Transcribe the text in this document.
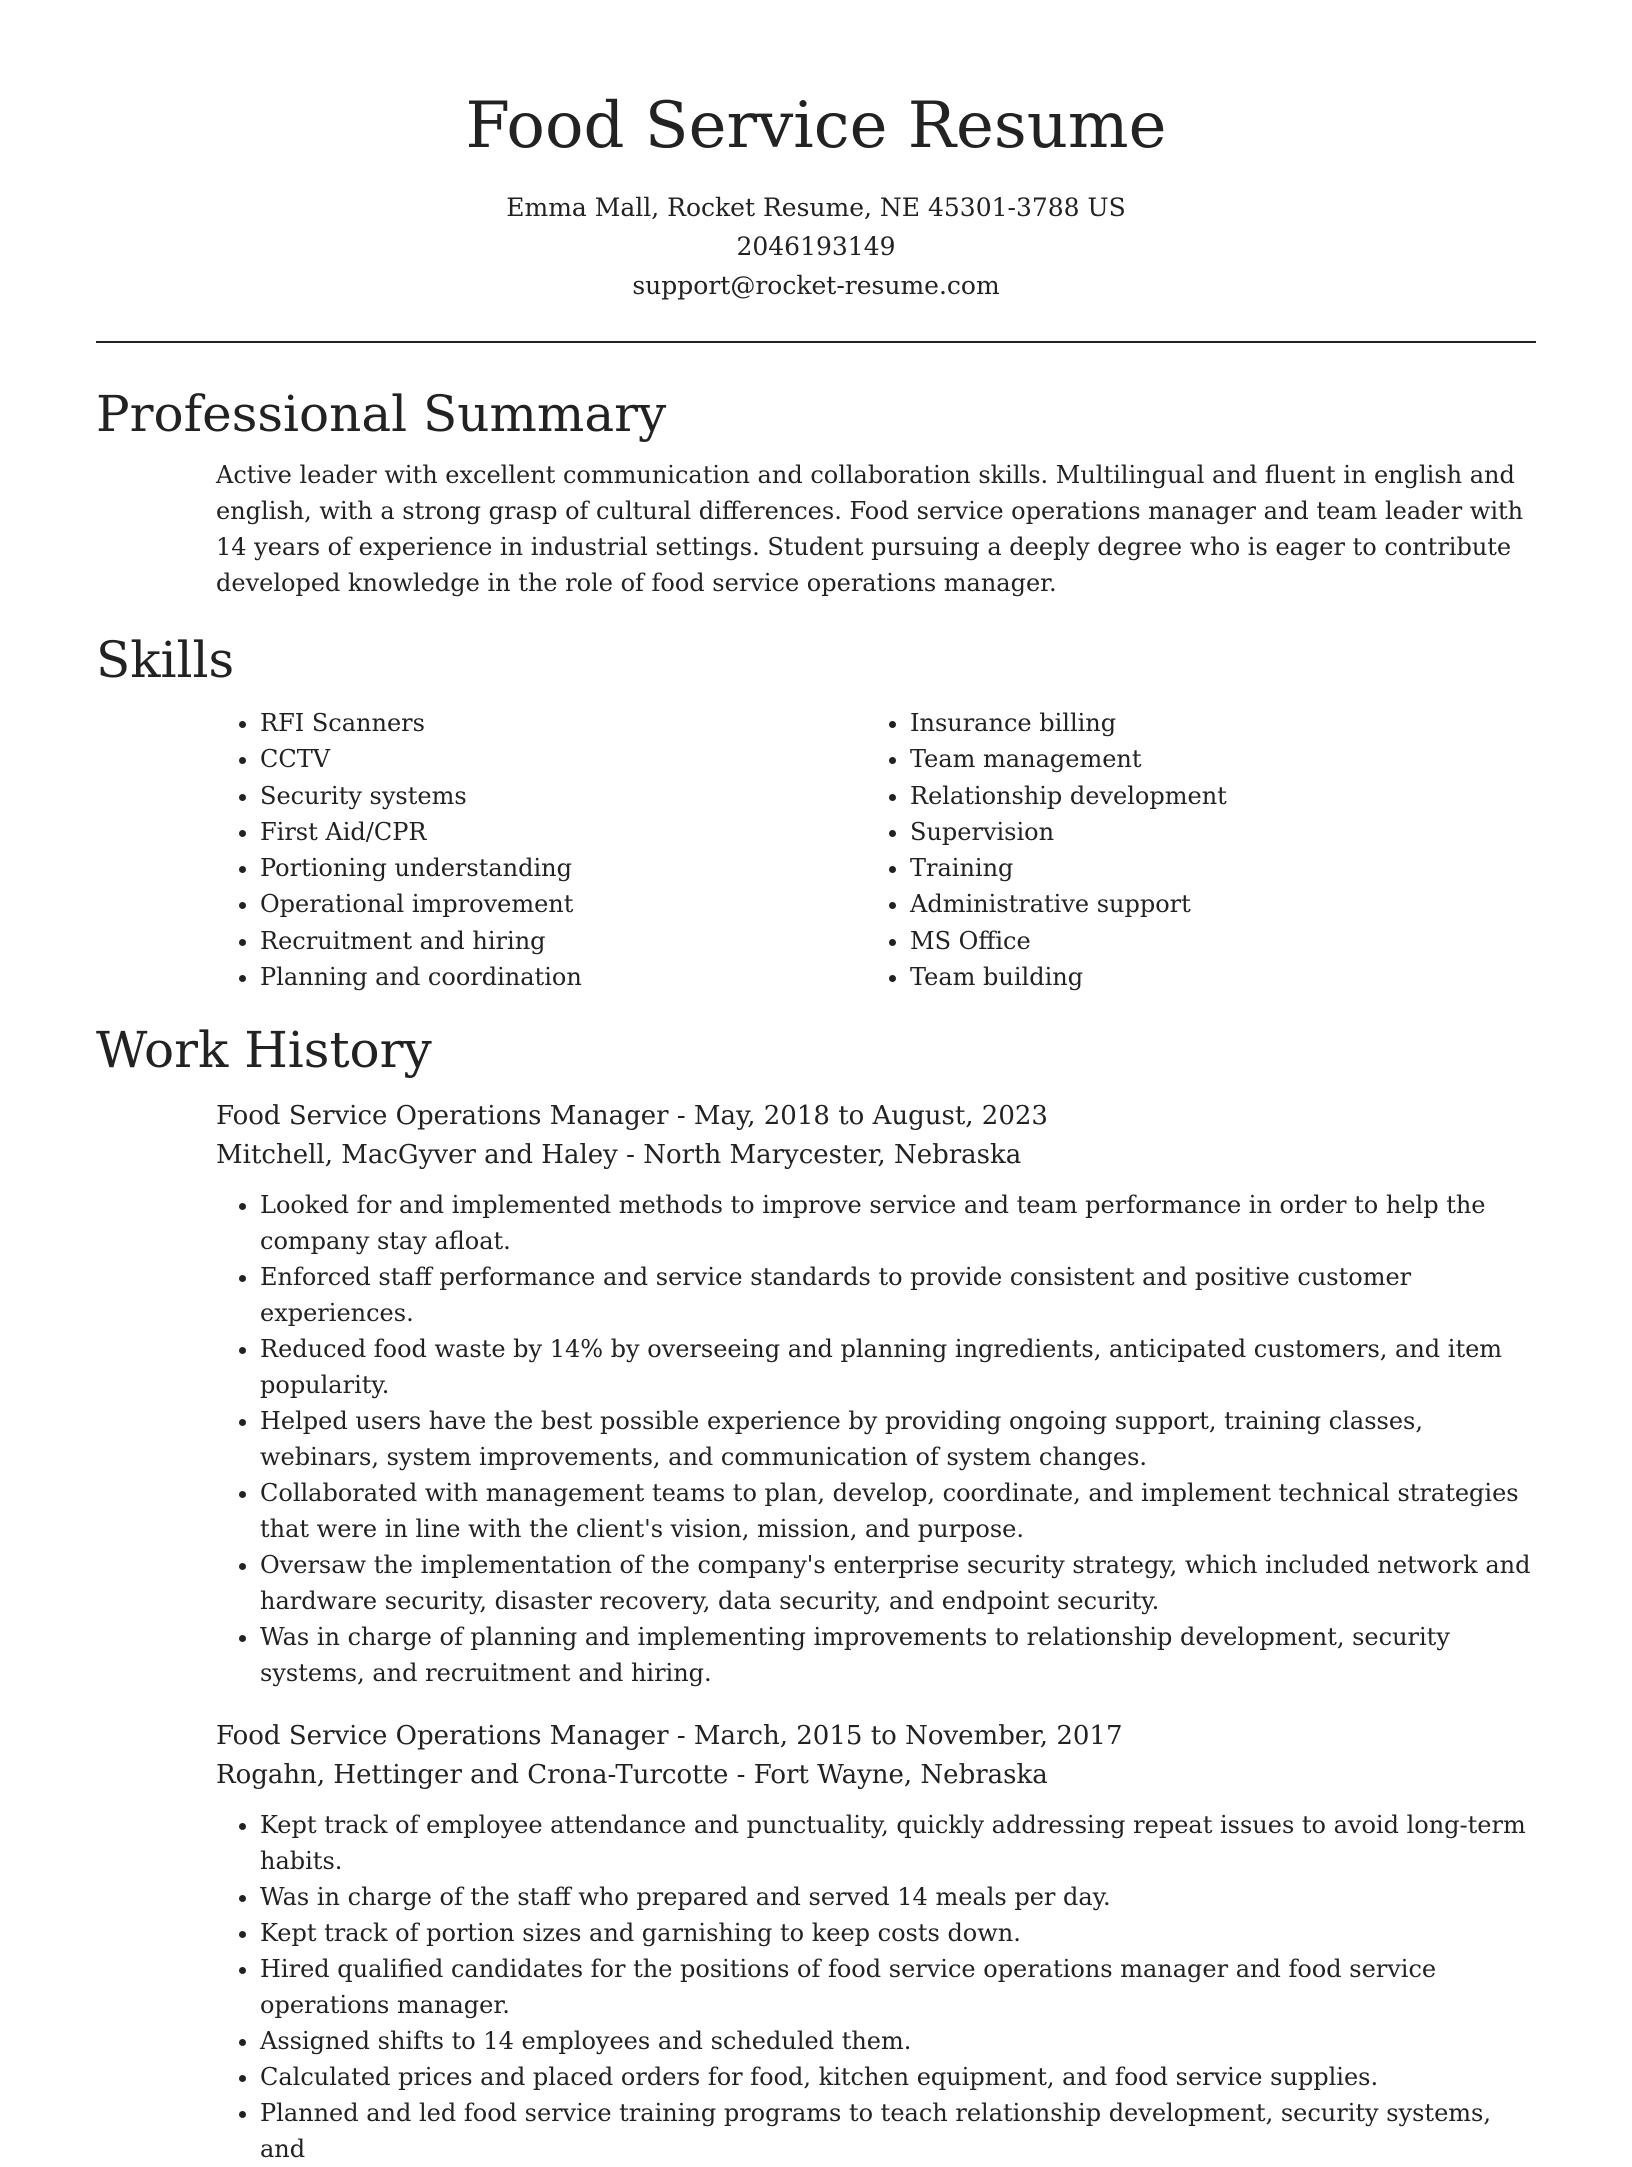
Food Service Resume
Emma Mall, Rocket Resume, NE 45301-3788 US
2046193149
support@rocket-resume.com
Professional Summary

Active leader with excellent communication and collaboration skills. Multilingual and fluent in english and english, with a strong grasp of cultural differences. Food service operations manager and team leader with 14 years of experience in industrial settings. Student pursuing a deeply degree who is eager to contribute developed knowledge in the role of food service operations manager.

Skills
• RFI Scanners
• CCTV
• Security systems
• First Aid/CPR
• Portioning understanding
• Operational improvement
• Recruitment and hiring
• Planning and coordination
• Insurance billing
• Team management
• Relationship development
• Supervision
• Training
• Administrative support
• MS Office
• Team building
Work History
Food Service Operations Manager - May, 2018 to August, 2023
Mitchell, MacGyver and Haley - North Marycester, Nebraska
• Looked for and implemented methods to improve service and team performance in order to help the company stay afloat.
• Enforced staff performance and service standards to provide consistent and positive customer experiences.
• Reduced food waste by 14% by overseeing and planning ingredients, anticipated customers, and item popularity.
• Helped users have the best possible experience by providing ongoing support, training classes, webinars, system improvements, and communication of system changes.
• Collaborated with management teams to plan, develop, coordinate, and implement technical strategies that were in line with the client's vision, mission, and purpose.
• Oversaw the implementation of the company's enterprise security strategy, which included network and hardware security, disaster recovery, data security, and endpoint security.
• Was in charge of planning and implementing improvements to relationship development, security systems, and recruitment and hiring.
Food Service Operations Manager - March, 2015 to November, 2017
Rogahn, Hettinger and Crona-Turcotte - Fort Wayne, Nebraska
• Kept track of employee attendance and punctuality, quickly addressing repeat issues to avoid long-term habits.
• Was in charge of the staff who prepared and served 14 meals per day.
• Kept track of portion sizes and garnishing to keep costs down.
• Hired qualified candidates for the positions of food service operations manager and food service operations manager.
• Assigned shifts to 14 employees and scheduled them.
• Calculated prices and placed orders for food, kitchen equipment, and food service supplies.
• Planned and led food service training programs to teach relationship development, security systems, and
